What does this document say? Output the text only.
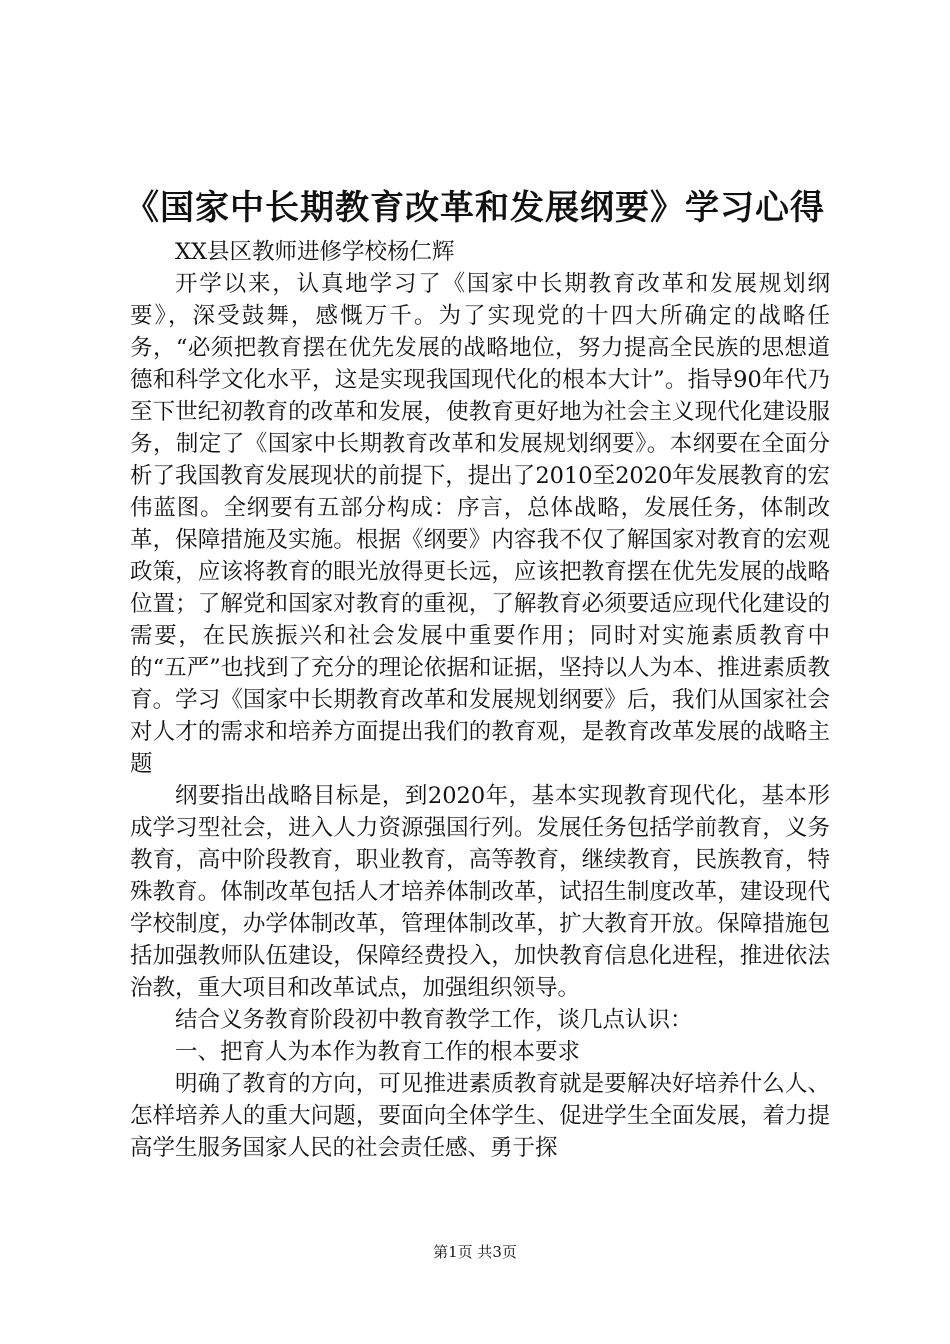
《国家中长期教育改革和发展纲要》学习心得

XX县区教师进修学校杨仁辉

开学以来，认真地学习了《国家中长期教育改革和发展规划纲要》，深受鼓舞，感慨万千。为了实现党的十四大所确定的战略任务，“必须把教育摆在优先发展的战略地位，努力提高全民族的思想道德和科学文化水平，这是实现我国现代化的根本大计”。指导90年代乃至下世纪初教育的改革和发展，使教育更好地为社会主义现代化建设服务，制定了《国家中长期教育改革和发展规划纲要》。本纲要在全面分析了我国教育发展现状的前提下，提出了2010至2020年发展教育的宏伟蓝图。全纲要有五部分构成：序言，总体战略，发展任务，体制改革，保障措施及实施。根据《纲要》内容我不仅了解国家对教育的宏观政策，应该将教育的眼光放得更长远，应该把教育摆在优先发展的战略位置；了解党和国家对教育的重视，了解教育必须要适应现代化建设的需要，在民族振兴和社会发展中重要作用；同时对实施素质教育中的“五严”也找到了充分的理论依据和证据，坚持以人为本、推进素质教育。学习《国家中长期教育改革和发展规划纲要》后，我们从国家社会对人才的需求和培养方面提出我们的教育观，是教育改革发展的战略主题

纲要指出战略目标是，到2020年，基本实现教育现代化，基本形成学习型社会，进入人力资源强国行列。发展任务包括学前教育，义务教育，高中阶段教育，职业教育，高等教育，继续教育，民族教育，特殊教育。体制改革包括人才培养体制改革，试招生制度改革，建设现代学校制度，办学体制改革，管理体制改革，扩大教育开放。保障措施包括加强教师队伍建设，保障经费投入，加快教育信息化进程，推进依法治教，重大项目和改革试点，加强组织领导。

结合义务教育阶段初中教育教学工作，谈几点认识：

一、把育人为本作为教育工作的根本要求

明确了教育的方向，可见推进素质教育就是要解决好培养什么人、怎样培养人的重大问题，要面向全体学生、促进学生全面发展，着力提高学生服务国家人民的社会责任感、勇于探

第1页 共3页
